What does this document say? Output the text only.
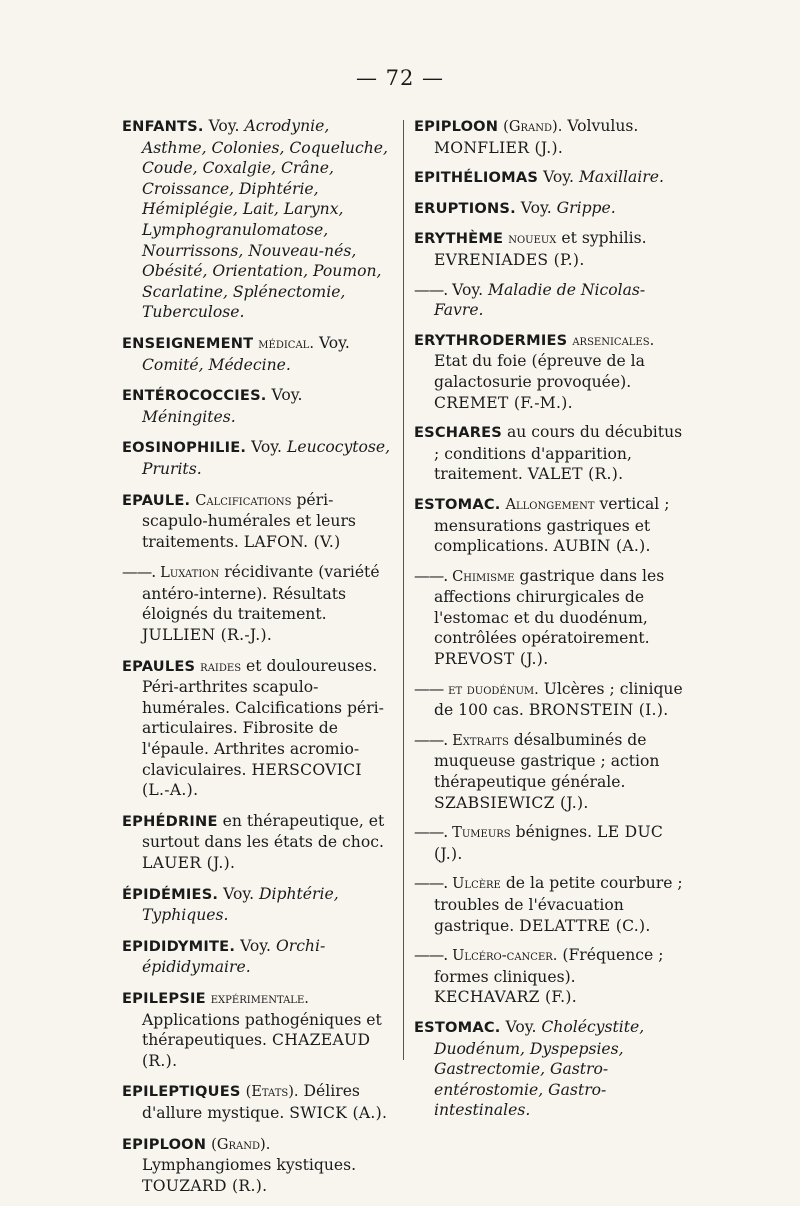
— 72 —

ENFANTS. Voy. Acrodynie, Asthme, Colonies, Coqueluche, Coude, Coxalgie, Crâne, Croissance, Diphtérie, Hémiplégie, Lait, Larynx, Lymphogranulomatose, Nourrissons, Nouveau-nés, Obésité, Orientation, Poumon, Scarlatine, Splénectomie, Tuberculose.

ENSEIGNEMENT médical. Voy. Comité, Médecine.

ENTÉROCOCCIES. Voy. Méningites.

EOSINOPHILIE. Voy. Leucocytose, Prurits.

EPAULE. Calcifications péri-scapulo-humérales et leurs traitements. LAFON. (V.)

——. Luxation récidivante (variété antéro-interne). Résultats éloignés du traitement. JULLIEN (R.-J.).

EPAULES raides et douloureuses. Péri-arthrites scapulo-humérales. Calcifications péri-articulaires. Fibrosite de l'épaule. Arthrites acromio-claviculaires. HERSCOVICI (L.-A.).

EPHÉDRINE en thérapeutique, et surtout dans les états de choc. LAUER (J.).

ÉPIDÉMIES. Voy. Diphtérie, Typhiques.

EPIDIDYMITE. Voy. Orchi-épididymaire.

EPILEPSIE expérimentale. Applications pathogéniques et thérapeutiques. CHAZEAUD (R.).

EPILEPTIQUES (Etats). Délires d'allure mystique. SWICK (A.).

EPIPLOON (Grand). Lymphangiomes kystiques. TOUZARD (R.).

EPIPLOON (Grand). Volvulus. MONFLIER (J.).

EPITHÉLIOMAS Voy. Maxillaire.

ERUPTIONS. Voy. Grippe.

ERYTHÈME noueux et syphilis. EVRENIADES (P.).

——. Voy. Maladie de Nicolas-Favre.

ERYTHRODERMIES arsenicales. Etat du foie (épreuve de la galactosurie provoquée). CREMET (F.-M.).

ESCHARES au cours du décubitus ; conditions d'apparition, traitement. VALET (R.).

ESTOMAC. Allongement vertical ; mensurations gastriques et complications. AUBIN (A.).

——. Chimisme gastrique dans les affections chirurgicales de l'estomac et du duodénum, contrôlées opératoirement. PREVOST (J.).

—— et duodénum. Ulcères ; clinique de 100 cas. BRONSTEIN (I.).

——. Extraits désalbuminés de muqueuse gastrique ; action thérapeutique générale. SZABSIEWICZ (J.).

——. Tumeurs bénignes. LE DUC (J.).

——. Ulcère de la petite courbure ; troubles de l'évacuation gastrique. DELATTRE (C.).

——. Ulcéro-cancer. (Fréquence ; formes cliniques). KECHAVARZ (F.).

ESTOMAC. Voy. Cholécystite, Duodénum, Dyspepsies, Gastrectomie, Gastro-entérostomie, Gastro-intestinales.
